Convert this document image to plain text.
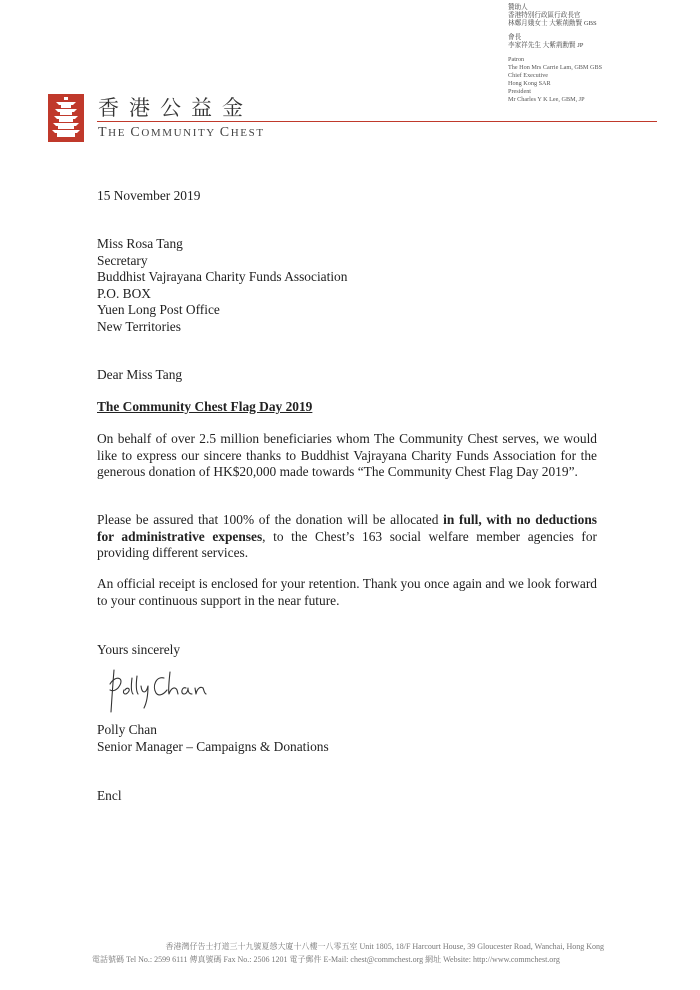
贊助人
香港特別行政區行政長官
林鄭月娥女士 大紫荊勳賢 GBS
會長
李家祥先生 大紫荊勳賢 JP
Patron
The Hon Mrs Carrie Lam, GBM GBS
Chief Executive
Hong Kong SAR
President
Mr Charles Y K Lee, GBM, JP
香港公益金
THE COMMUNITY CHEST
15 November 2019
Miss Rosa Tang
Secretary
Buddhist Vajrayana Charity Funds Association
P.O. BOX
Yuen Long Post Office
New Territories
Dear Miss Tang
The Community Chest Flag Day 2019
On behalf of over 2.5 million beneficiaries whom The Community Chest serves, we would like to express our sincere thanks to Buddhist Vajrayana Charity Funds Association for the generous donation of HK$20,000 made towards “The Community Chest Flag Day 2019”.
Please be assured that 100% of the donation will be allocated in full, with no deductions for administrative expenses, to the Chest’s 163 social welfare member agencies for providing different services.
An official receipt is enclosed for your retention. Thank you once again and we look forward to your continuous support in the near future.
Yours sincerely
Polly Chan
Senior Manager – Campaigns & Donations
Encl
香港灣仔告士打道三十九號夏愨大廈十八樓一八零五室 Unit 1805, 18/F Harcourt House, 39 Gloucester Road, Wanchai, Hong Kong
電話號碼 Tel No.: 2599 6111 傳真號碼 Fax No.: 2506 1201 電子郵件 E-Mail: chest@commchest.org 網址 Website: http://www.commchest.org
